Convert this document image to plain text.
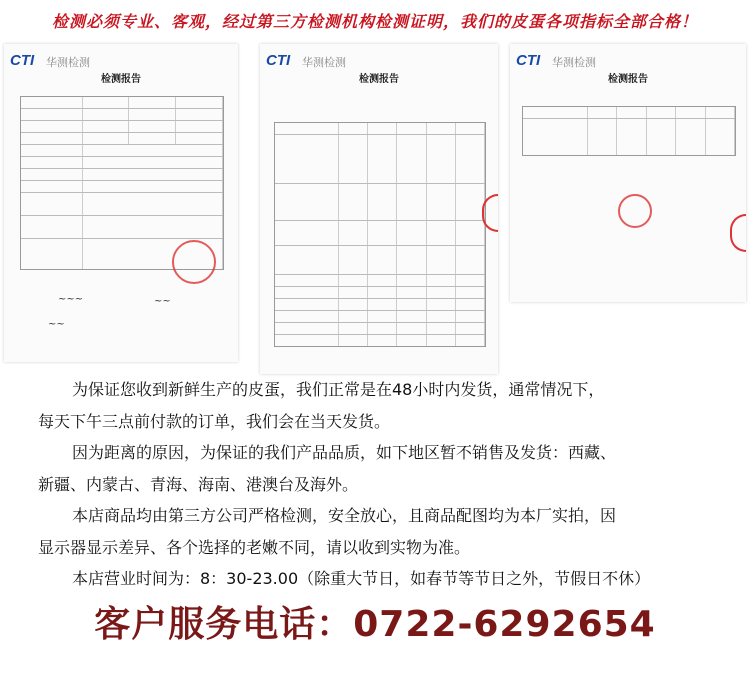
检测必须专业、客观，经过第三方检测机构检测证明，我们的皮蛋各项指标全部合格！
CTI 华测检测
检测报告
~~~	~~
~~
CTI 华测检测
检测报告
CTI 华测检测
检测报告

为保证您收到新鲜生产的皮蛋，我们正常是在48小时内发货，通常情况下，

每天下午三点前付款的订单，我们会在当天发货。

因为距离的原因，为保证的我们产品品质，如下地区暂不销售及发货：西藏、

新疆、内蒙古、青海、海南、港澳台及海外。

本店商品均由第三方公司严格检测，安全放心，且商品配图均为本厂实拍，因

显示器显示差异、各个选择的老嫩不同，请以收到实物为准。

本店营业时间为：8：30-23.00（除重大节日，如春节等节日之外，节假日不休）

客户服务电话：0722-6292654
